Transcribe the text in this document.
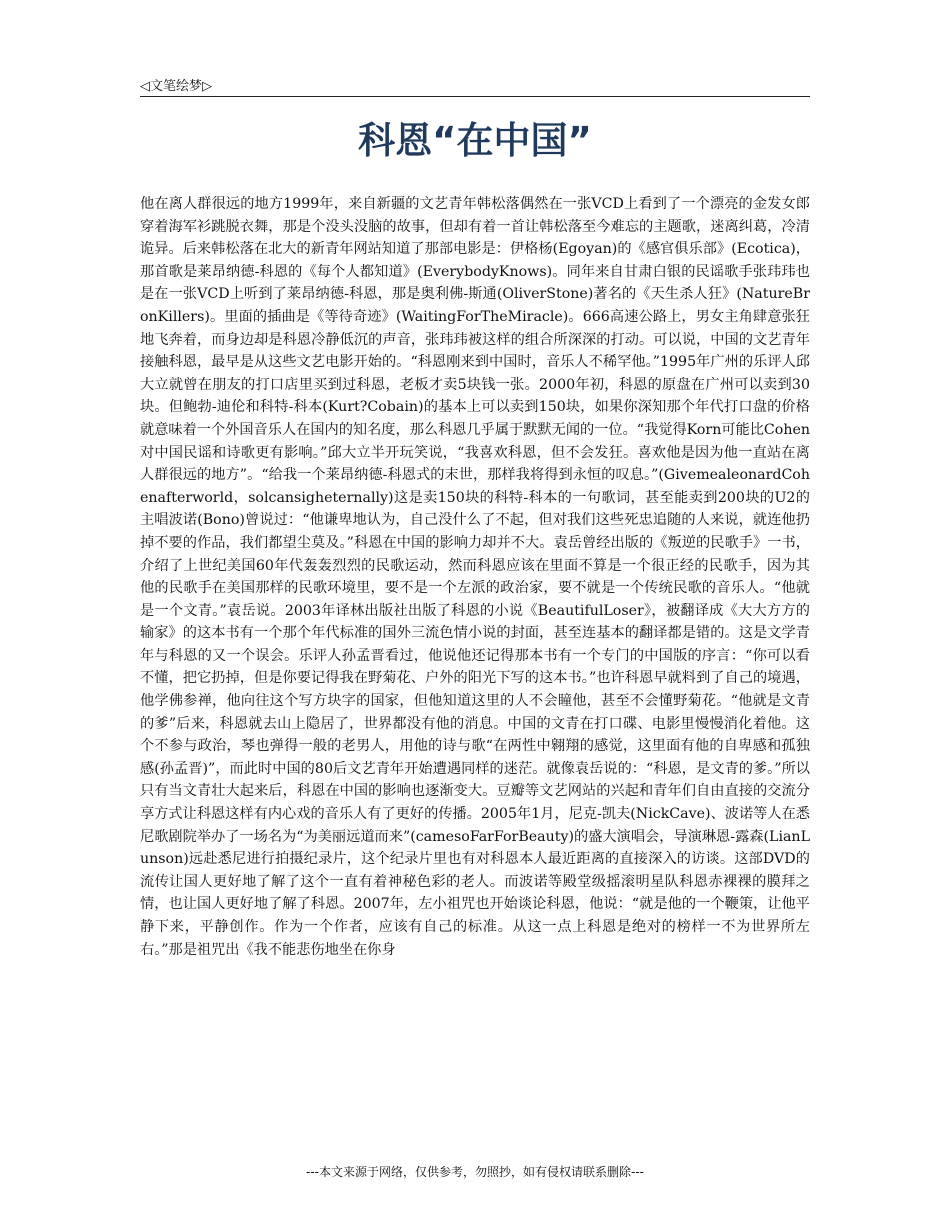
◁文笔绘梦▷
科恩“在中国”

他在离人群很远的地方1999年，来自新疆的文艺青年韩松落偶然在一张VCD上看到了一个漂亮的金发女郎穿着海军衫跳脱衣舞，那是个没头没脑的故事，但却有着一首让韩松落至今难忘的主题歌，迷离纠葛，冷清诡异。后来韩松落在北大的新青年网站知道了那部电影是：伊格杨(Egoyan)的《感官俱乐部》(Ecotica)，那首歌是莱昂纳德-科恩的《每个人都知道》(EverybodyKnows)。同年来自甘肃白银的民谣歌手张玮玮也是在一张VCD上听到了莱昂纳德-科恩，那是奥利佛-斯通(OliverStone)著名的《天生杀人狂》(NatureBronKillers)。里面的插曲是《等待奇迹》(WaitingForTheMiracle)。666高速公路上，男女主角肆意张狂地飞奔着，而身边却是科恩冷静低沉的声音，张玮玮被这样的组合所深深的打动。可以说，中国的文艺青年接触科恩，最早是从这些文艺电影开始的。“科恩刚来到中国时，音乐人不稀罕他。”1995年广州的乐评人邱大立就曾在朋友的打口店里买到过科恩，老板才卖5块钱一张。2000年初，科恩的原盘在广州可以卖到30块。但鲍勃-迪伦和科特-科本(Kurt?Cobain)的基本上可以卖到150块，如果你深知那个年代打口盘的价格就意味着一个外国音乐人在国内的知名度，那么科恩几乎属于默默无闻的一位。“我觉得Korn可能比Cohen对中国民谣和诗歌更有影响。”邱大立半开玩笑说，“我喜欢科恩，但不会发狂。喜欢他是因为他一直站在离人群很远的地方”。“给我一个莱昂纳德-科恩式的末世，那样我将得到永恒的叹息。”(GivemealeonardCohenafterworld，solcansigheternally)这是卖150块的科特-科本的一句歌词，甚至能卖到200块的U2的主唱波诺(Bono)曾说过：“他谦卑地认为，自己没什么了不起，但对我们这些死忠追随的人来说，就连他扔掉不要的作品，我们都望尘莫及。”科恩在中国的影响力却并不大。袁岳曾经出版的《叛逆的民歌手》一书，介绍了上世纪美国60年代轰轰烈烈的民歌运动，然而科恩应该在里面不算是一个很正经的民歌手，因为其他的民歌手在美国那样的民歌环境里，要不是一个左派的政治家，要不就是一个传统民歌的音乐人。“他就是一个文青。”袁岳说。2003年译林出版社出版了科恩的小说《BeautifulLoser》，被翻译成《大大方方的输家》的这本书有一个那个年代标准的国外三流色情小说的封面，甚至连基本的翻译都是错的。这是文学青年与科恩的又一个误会。乐评人孙孟晋看过，他说他还记得那本书有一个专门的中国版的序言：“你可以看不懂，把它扔掉，但是你要记得我在野菊花、户外的阳光下写的这本书。”也许科恩早就料到了自己的境遇，他学佛参禅，他向往这个写方块字的国家，但他知道这里的人不会瞳他，甚至不会懂野菊花。“他就是文青的爹”后来，科恩就去山上隐居了，世界都没有他的消息。中国的文青在打口碟、电影里慢慢消化着他。这个不参与政治，琴也弹得一般的老男人，用他的诗与歌“在两性中翱翔的感觉，这里面有他的自卑感和孤独感(孙孟晋)”，而此时中国的80后文艺青年开始遭遇同样的迷茫。就像袁岳说的：“科恩，是文青的爹。”所以只有当文青壮大起来后，科恩在中国的影响也逐渐变大。豆瓣等文艺网站的兴起和青年们自由直接的交流分享方式让科恩这样有内心戏的音乐人有了更好的传播。2005年1月，尼克-凯夫(NickCave)、波诺等人在悉尼歌剧院举办了一场名为“为美丽远道而来”(camesoFarForBeauty)的盛大演唱会，导演琳恩-露森(LianLunson)远赴悉尼进行拍摄纪录片，这个纪录片里也有对科恩本人最近距离的直接深入的访谈。这部DVD的流传让国人更好地了解了这个一直有着神秘色彩的老人。而波诺等殿堂级摇滚明星队科恩赤裸裸的膜拜之情，也让国人更好地了解了科恩。2007年，左小祖咒也开始谈论科恩，他说：“就是他的一个鞭策，让他平静下来，平静创作。作为一个作者，应该有自己的标准。从这一点上科恩是绝对的榜样一不为世界所左右。”那是祖咒出《我不能悲伤地坐在你身

---本文来源于网络，仅供参考，勿照抄，如有侵权请联系删除---
